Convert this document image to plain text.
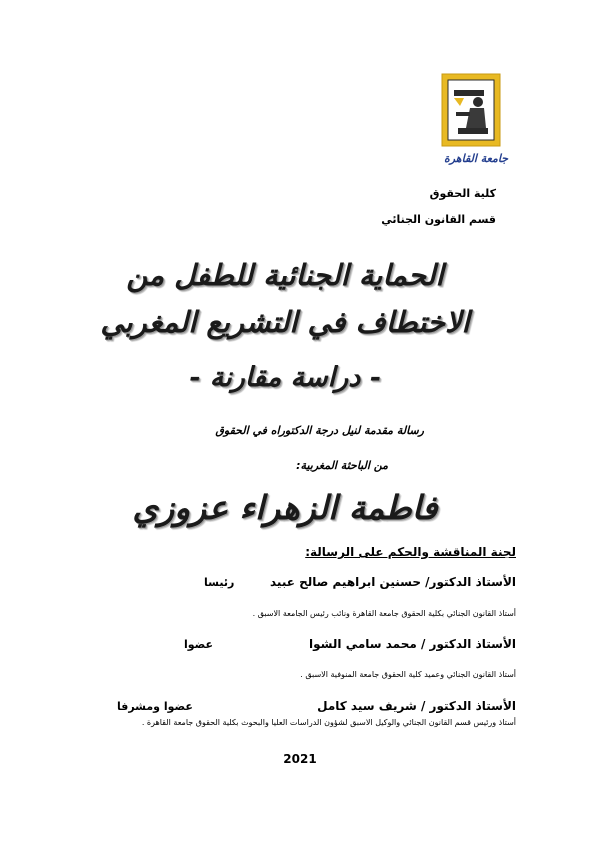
جامعة القاهرة
كلية الحقوق
قسم القانون الجنائي
الحماية الجنائية للطفل من
الاختطاف في التشريع المغربي
- دراسة مقارنة -
رسالة مقدمة لنيل درجة الدكتوراه في الحقوق
من الباحثة المغربية:
فاطمة الزهراء عزوزي
لجنة المناقشة والحكم على الرسالة:
الأستاذ الدكتور/ حسنين ابراهيم صالح عبيد
رئيسا
أستاذ القانون الجنائي بكلية الحقوق جامعة القاهرة ونائب رئيس الجامعة الاسبق .
الأستاذ الدكتور / محمد سامي الشوا
عضوا
أستاذ القانون الجنائي وعميد كلية الحقوق جامعة المنوفية الاسبق .
الأستاذ الدكتور / شريف سيد كامل
عضوا ومشرفا
أستاذ ورئيس قسم القانون الجنائي والوكيل الاسبق لشؤون الدراسات العليا والبحوث بكلية الحقوق جامعة القاهرة .
2021
